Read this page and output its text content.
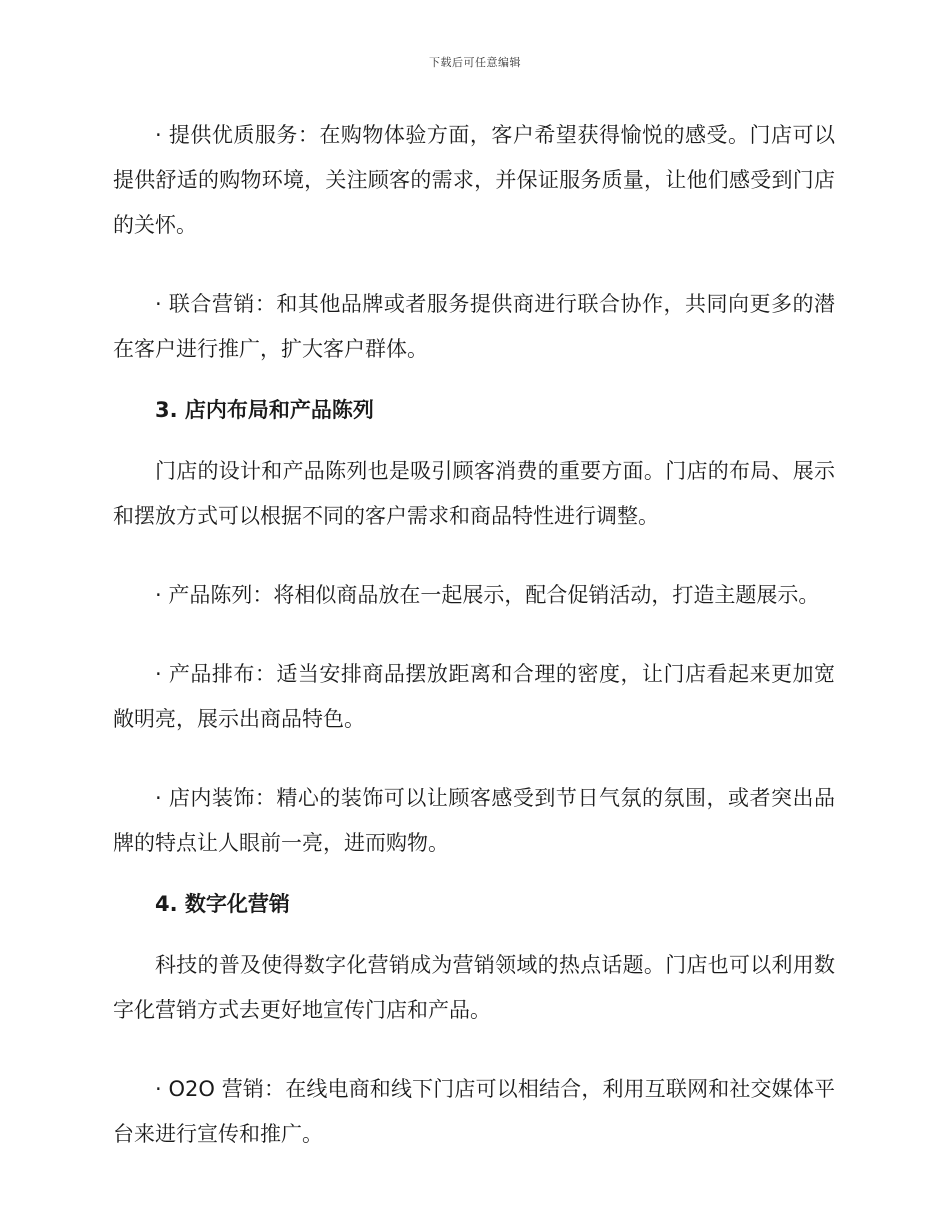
下载后可任意编辑

· 提供优质服务：在购物体验方面，客户希望获得愉悦的感受。门店可以提供舒适的购物环境，关注顾客的需求，并保证服务质量，让他们感受到门店的关怀。

· 联合营销：和其他品牌或者服务提供商进行联合协作，共同向更多的潜在客户进行推广，扩大客户群体。

3. 店内布局和产品陈列

门店的设计和产品陈列也是吸引顾客消费的重要方面。门店的布局、展示和摆放方式可以根据不同的客户需求和商品特性进行调整。

· 产品陈列：将相似商品放在一起展示，配合促销活动，打造主题展示。

· 产品排布：适当安排商品摆放距离和合理的密度，让门店看起来更加宽敞明亮，展示出商品特色。

· 店内装饰：精心的装饰可以让顾客感受到节日气氛的氛围，或者突出品牌的特点让人眼前一亮，进而购物。

4. 数字化营销

科技的普及使得数字化营销成为营销领域的热点话题。门店也可以利用数字化营销方式去更好地宣传门店和产品。

· O2O 营销：在线电商和线下门店可以相结合，利用互联网和社交媒体平台来进行宣传和推广。
